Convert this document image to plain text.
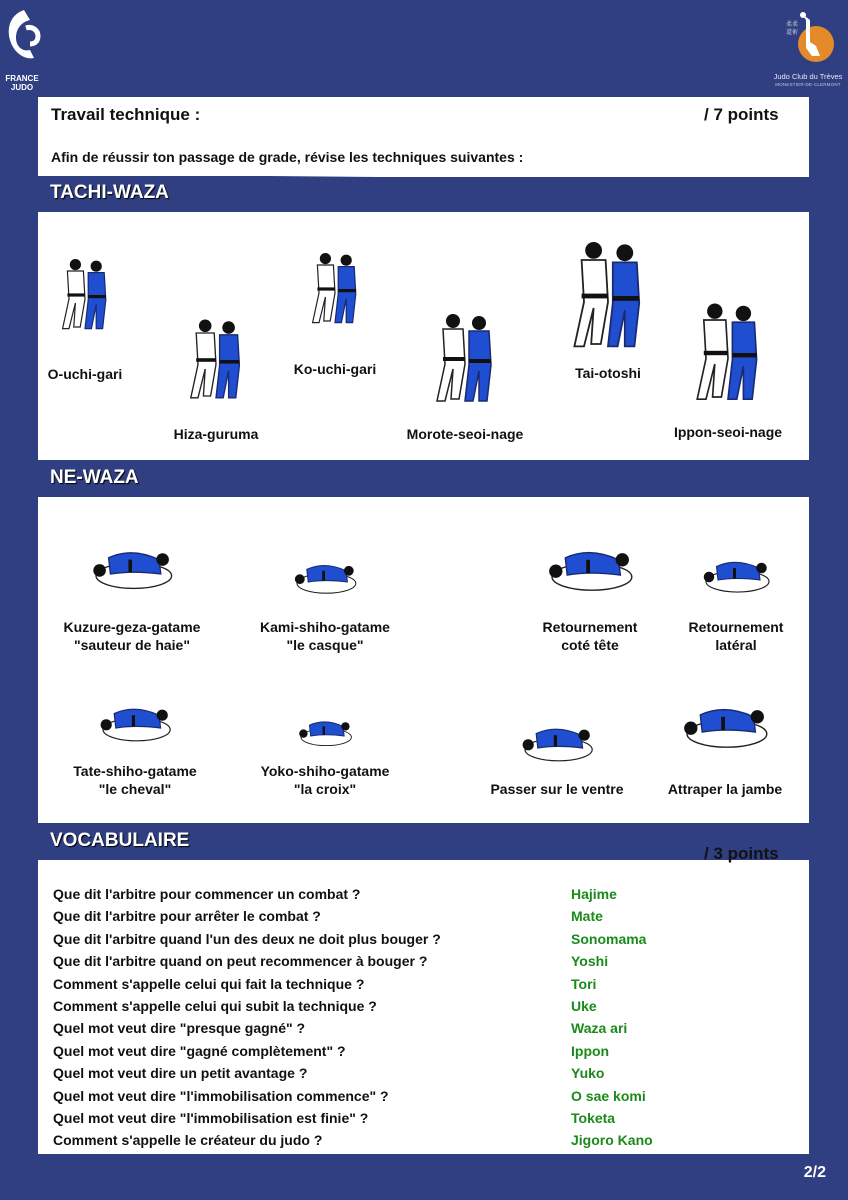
FRANCE
JUDO
柔
道
柔
術
Judo Club du Trèves
MONESTIER-DE-CLERMONT
Travail technique :	/ 7 points
Afin de réussir ton passage de grade, révise les techniques suivantes :
TACHI-WAZA
NE-WAZA
VOCABULAIRE
/ 3 points
O-uchi-gari
Hiza-guruma
Ko-uchi-gari
Morote-seoi-nage
Tai-otoshi
Ippon-seoi-nage
Kuzure-geza-gatame
"sauteur de haie"
Kami-shiho-gatame
"le casque"
Retournement
coté tête
Retournement
latéral
Tate-shiho-gatame
"le cheval"
Yoko-shiho-gatame
"la croix"	Passer sur le ventre	Attraper la jambe
Que dit l'arbitre pour commencer un combat ?	Hajime
Que dit l'arbitre pour arrêter le combat ?	Mate
Que dit l'arbitre quand l'un des deux ne doit plus bouger ?	Sonomama
Que dit l'arbitre quand on peut recommencer à bouger ?	Yoshi
Comment s'appelle celui qui fait la technique ?	Tori
Comment s'appelle celui qui subit la technique ?	Uke
Quel mot veut dire "presque gagné" ?	Waza ari
Quel mot veut dire "gagné complètement" ?	Ippon
Quel mot veut dire un petit avantage ?	Yuko
Quel mot veut dire "l'immobilisation commence" ?	O sae komi
Quel mot veut dire "l'immobilisation est finie" ?	Toketa
Comment s'appelle le créateur du judo ?	Jigoro Kano
2/2
